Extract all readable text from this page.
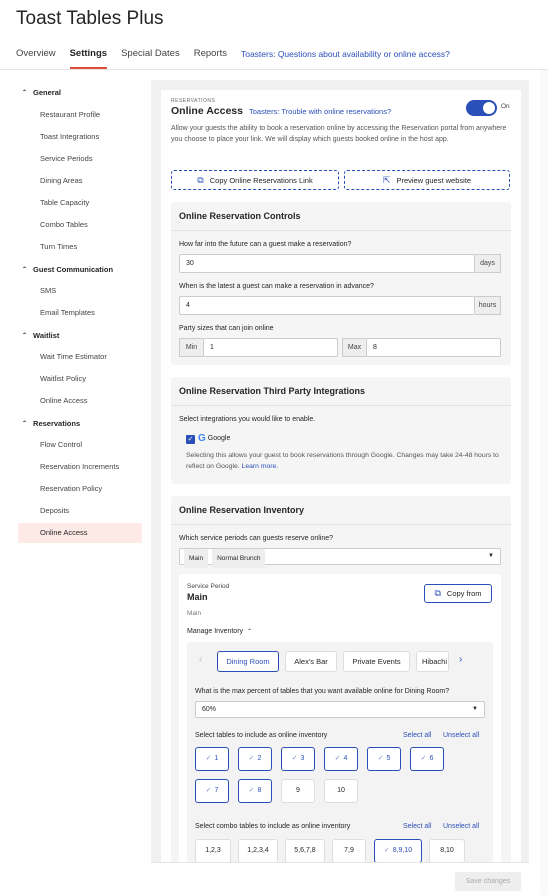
Toast Tables Plus
Overview Settings Special Dates Reports Toasters: Questions about availability or online access?
⌃ General
Restaurant Profile
Toast Integrations
Service Periods
Dining Areas
Table Capacity
Combo Tables
Turn Times
⌃ Guest Communication
SMS
Email Templates
⌃ Waitlist
Wait Time Estimator
Waitlist Policy
Online Access
⌃ Reservations
Flow Control
Reservation Increments
Reservation Policy
Deposits
Online Access
RESERVATIONS
Online Access Toasters: Trouble with online reservations?
On
Allow your guests the ability to book a reservation online by accessing the Reservation portal from anywhere you choose to place your link. We will display which guests booked online in the host app.
⧉ Copy Online Reservations Link	⇱ Preview guest website
Online Reservation Controls
How far into the future can a guest make a reservation?
30	days
When is the latest a guest can make a reservation in advance?
4	hours
Party sizes that can join online
Min	1	Max	8
Online Reservation Third Party Integrations
Select integrations you would like to enable.
✓ G Google
Selecting this allows your guest to book reservations through Google. Changes may take 24-48 hours to reflect on Google. Learn more.
Online Reservation Inventory
Which service periods can guests reserve online?
Main Normal Brunch	▼
Service Period
Main
Main
⧉ Copy from
Manage Inventory ⌃
‹	Dining Room	Alex's Bar	Private Events	Hibachi ›
What is the max percent of tables that you want available online for Dining Room?
60%	▼
Select tables to include as online inventory	Select all Unselect all
✓ 1	✓ 2	✓ 3	✓ 4	✓ 5	✓ 6
✓ 7	✓ 8	9	10
Select combo tables to include as online inventory	Select all Unselect all
1,2,3	1,2,3,4	5,6,7,8	7,9	✓ 8,9,10	8,10
Save changes
